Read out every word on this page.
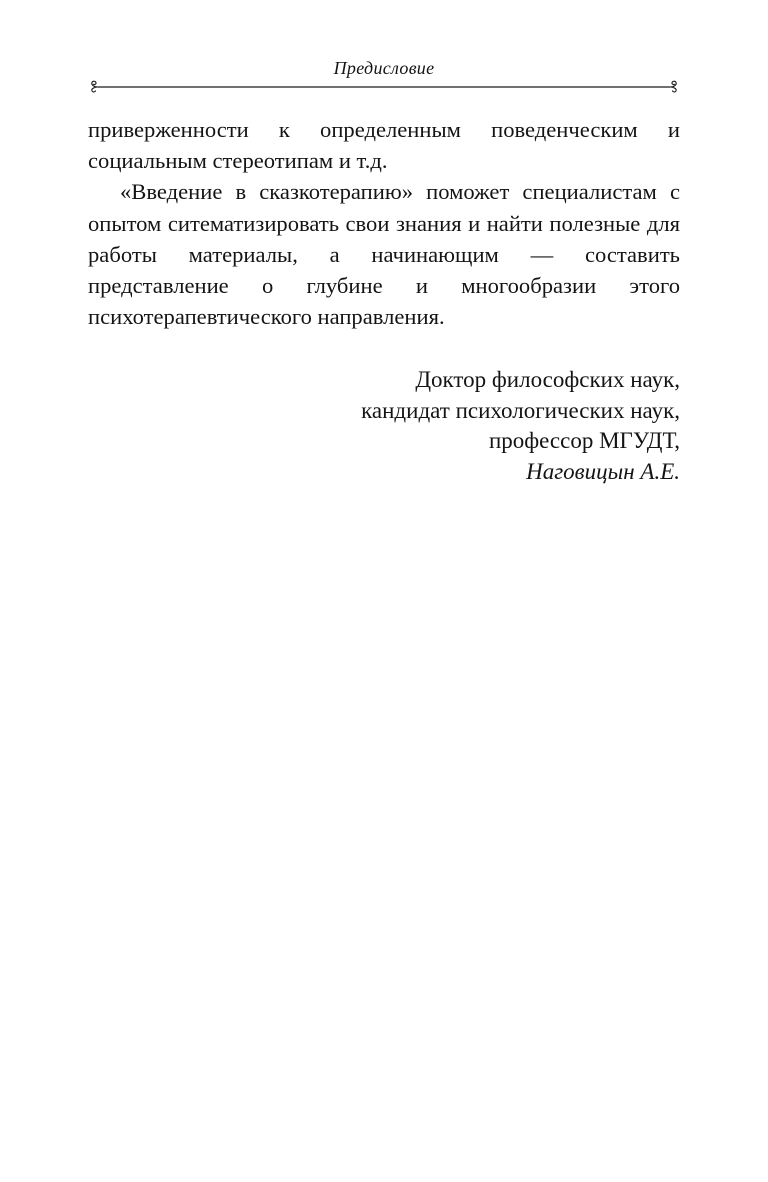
Предисловие

приверженности к определенным поведенческим и социальным стереотипам и т.д.

«Введение в сказкотерапию» поможет специалистам с опытом ситематизировать свои знания и найти полезные для работы материалы, а начинающим — составить представление о глубине и многообразии этого психотерапевтического направления.

Доктор философских наук,
кандидат психологических наук,
профессор МГУДТ,
Наговицын А.Е.
